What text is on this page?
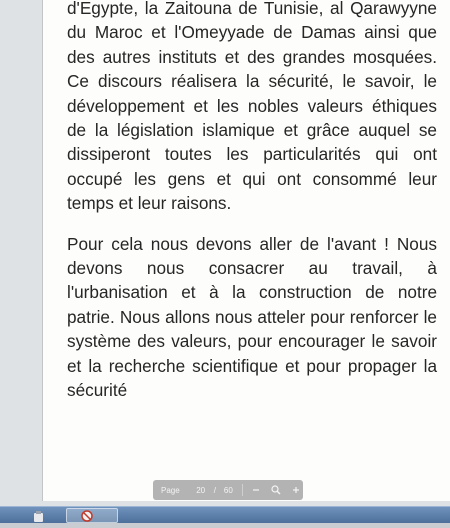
d'Egypte, la Zaitouna de Tunisie, al Qarawyyne du Maroc et l'Omeyyade de Damas ainsi que des autres instituts et des grandes mosquées. Ce discours réalisera la sécurité, le savoir, le développement et les nobles valeurs éthiques de la législation islamique et grâce auquel se dissiperont toutes les particularités qui ont occupé les gens et qui ont consommé leur temps et leur raisons.

Pour cela nous devons aller de l'avant ! Nous devons nous consacrer au travail, à l'urbanisation et à la construction de notre patrie. Nous allons nous atteler pour renforcer le système des valeurs, pour encourager le savoir et la recherche scientifique et pour propager la sécurité

Page	20	/ 60
